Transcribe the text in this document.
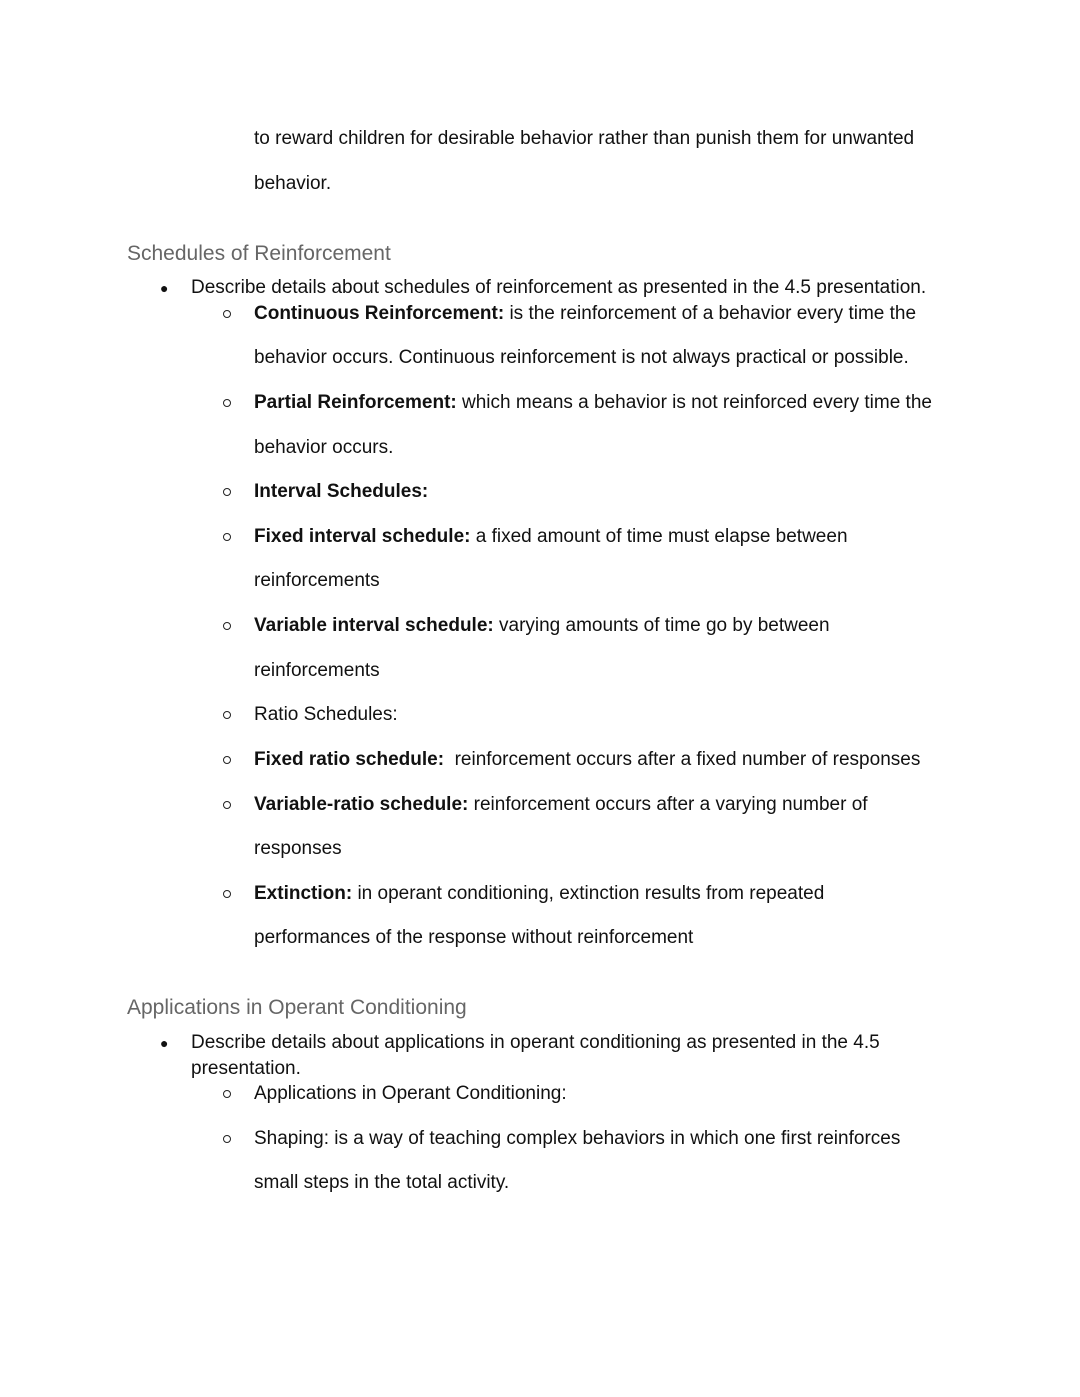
to reward children for desirable behavior rather than punish them for unwanted
behavior.
Schedules of Reinforcement
● Describe details about schedules of reinforcement as presented in the 4.5 presentation.
Continuous Reinforcement: is the reinforcement of a behavior every time the
behavior occurs. Continuous reinforcement is not always practical or possible.
Partial Reinforcement: which means a behavior is not reinforced every time the
behavior occurs.
Interval Schedules:
Fixed interval schedule: a fixed amount of time must elapse between
reinforcements
Variable interval schedule: varying amounts of time go by between
reinforcements
Ratio Schedules:
Fixed ratio schedule:  reinforcement occurs after a fixed number of responses
Variable-ratio schedule: reinforcement occurs after a varying number of
responses
Extinction: in operant conditioning, extinction results from repeated
performances of the response without reinforcement
Applications in Operant Conditioning
● Describe details about applications in operant conditioning as presented in the 4.5 presentation.
Applications in Operant Conditioning:
Shaping: is a way of teaching complex behaviors in which one first reinforces
small steps in the total activity.
